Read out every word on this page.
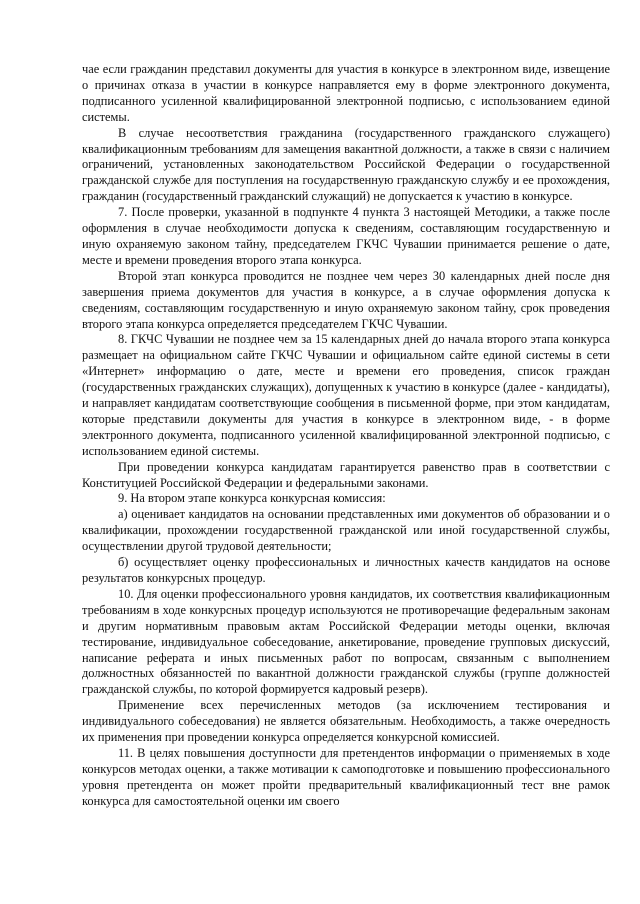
чае если гражданин представил документы для участия в конкурсе в электронном виде, извещение о причинах отказа в участии в конкурсе направляется ему в форме электронного документа, подписанного усиленной квалифицированной электронной подписью, с использованием единой системы.

В случае несоответствия гражданина (государственного гражданского служащего) квалификационным требованиям для замещения вакантной должности, а также в связи с наличием ограничений, установленных законодательством Российской Федерации о государственной гражданской службе для поступления на государственную гражданскую службу и ее прохождения, гражданин (государственный гражданский служащий) не допускается к участию в конкурсе.

7. После проверки, указанной в подпункте 4 пункта 3 настоящей Методики, а также после оформления в случае необходимости допуска к сведениям, составляющим государственную и иную охраняемую законом тайну, председателем ГКЧС Чувашии принимается решение о дате, месте и времени проведения второго этапа конкурса.

Второй этап конкурса проводится не позднее чем через 30 календарных дней после дня завершения приема документов для участия в конкурсе, а в случае оформления допуска к сведениям, составляющим государственную и иную охраняемую законом тайну, срок проведения второго этапа конкурса определяется председателем ГКЧС Чувашии.

8. ГКЧС Чувашии не позднее чем за 15 календарных дней до начала второго этапа конкурса размещает на официальном сайте ГКЧС Чувашии и официальном сайте единой системы в сети «Интернет» информацию о дате, месте и времени его проведения, список граждан (государственных гражданских служащих), допущенных к участию в конкурсе (далее - кандидаты), и направляет кандидатам соответствующие сообщения в письменной форме, при этом кандидатам, которые представили документы для участия в конкурсе в электронном виде, - в форме электронного документа, подписанного усиленной квалифицированной электронной подписью, с использованием единой системы.

При проведении конкурса кандидатам гарантируется равенство прав в соответствии с Конституцией Российской Федерации и федеральными законами.

9. На втором этапе конкурса конкурсная комиссия:

а) оценивает кандидатов на основании представленных ими документов об образовании и о квалификации, прохождении государственной гражданской или иной государственной службы, осуществлении другой трудовой деятельности;

б) осуществляет оценку профессиональных и личностных качеств кандидатов на основе результатов конкурсных процедур.

10. Для оценки профессионального уровня кандидатов, их соответствия квалификационным требованиям в ходе конкурсных процедур используются не противоречащие федеральным законам и другим нормативным правовым актам Российской Федерации методы оценки, включая тестирование, индивидуальное собеседование, анкетирование, проведение групповых дискуссий, написание реферата и иных письменных работ по вопросам, связанным с выполнением должностных обязанностей по вакантной должности гражданской службы (группе должностей гражданской службы, по которой формируется кадровый резерв).

Применение всех перечисленных методов (за исключением тестирования и индивидуального собеседования) не является обязательным. Необходимость, а также очередность их применения при проведении конкурса определяется конкурсной комиссией.

11. В целях повышения доступности для претендентов информации о применяемых в ходе конкурсов методах оценки, а также мотивации к самоподготовке и повышению профессионального уровня претендента он может пройти предварительный квалификационный тест вне рамок конкурса для самостоятельной оценки им своего
